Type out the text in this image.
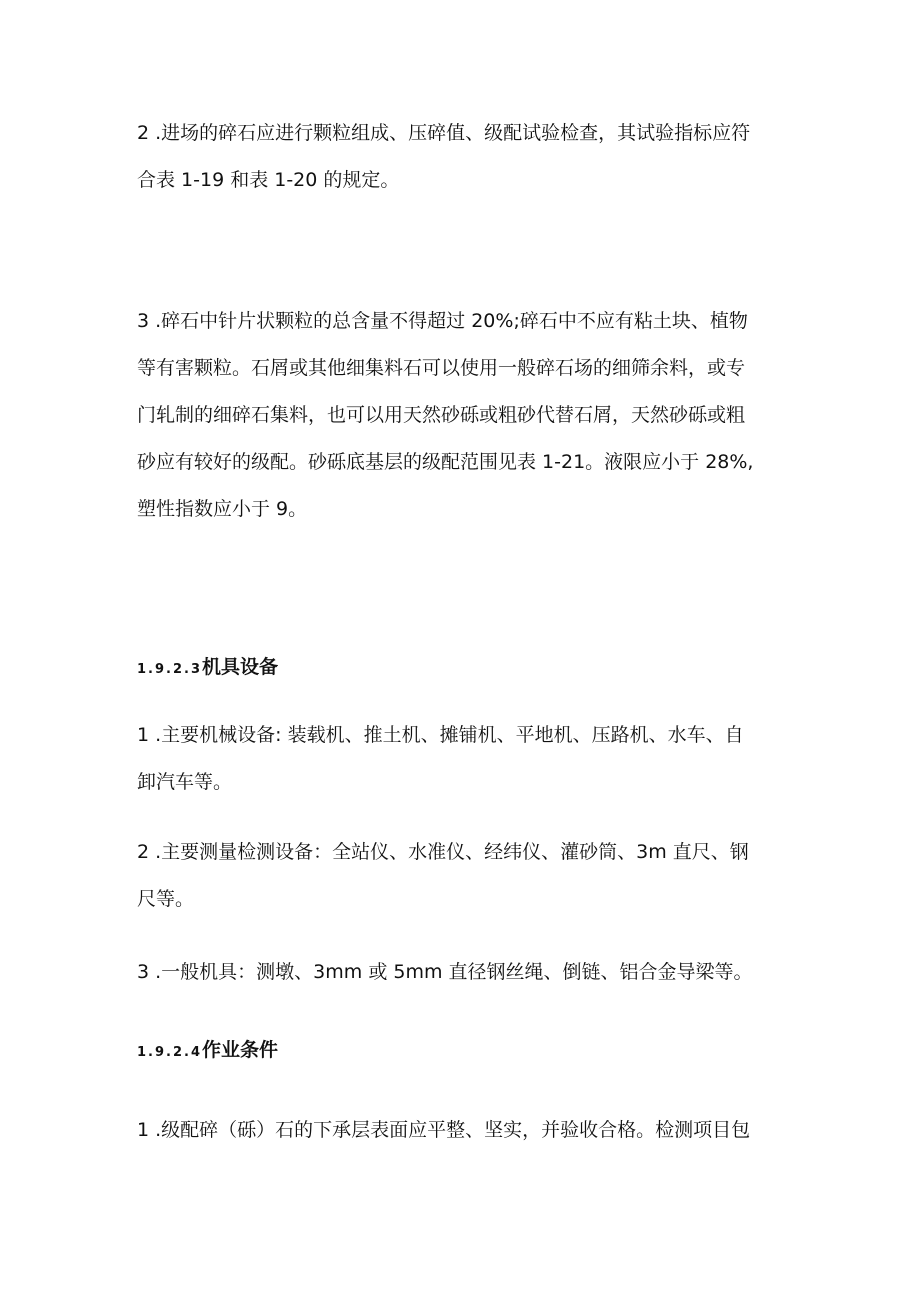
2 .进场的碎石应进行颗粒组成、压碎值、级配试验检查，其试验指标应符
合表 1-19 和表 1-20 的规定。

3 .碎石中针片状颗粒的总含量不得超过 20%;碎石中不应有粘土块、植物
等有害颗粒。石屑或其他细集料石可以使用一般碎石场的细筛余料，或专
门轧制的细碎石集料，也可以用天然砂砾或粗砂代替石屑，天然砂砾或粗
砂应有较好的级配。砂砾底基层的级配范围见表 1-21。液限应小于 28%,
塑性指数应小于 9。

1.9.2.3机具设备

1 .主要机械设备: 装载机、推土机、摊铺机、平地机、压路机、水车、自
卸汽车等。

2 .主要测量检测设备：全站仪、水准仪、经纬仪、灌砂筒、3m 直尺、钢
尺等。

3 .一般机具：测墩、3mm 或 5mm 直径钢丝绳、倒链、铝合金导梁等。

1.9.2.4作业条件

1 .级配碎（砾）石的下承层表面应平整、坚实，并验收合格。检测项目包
